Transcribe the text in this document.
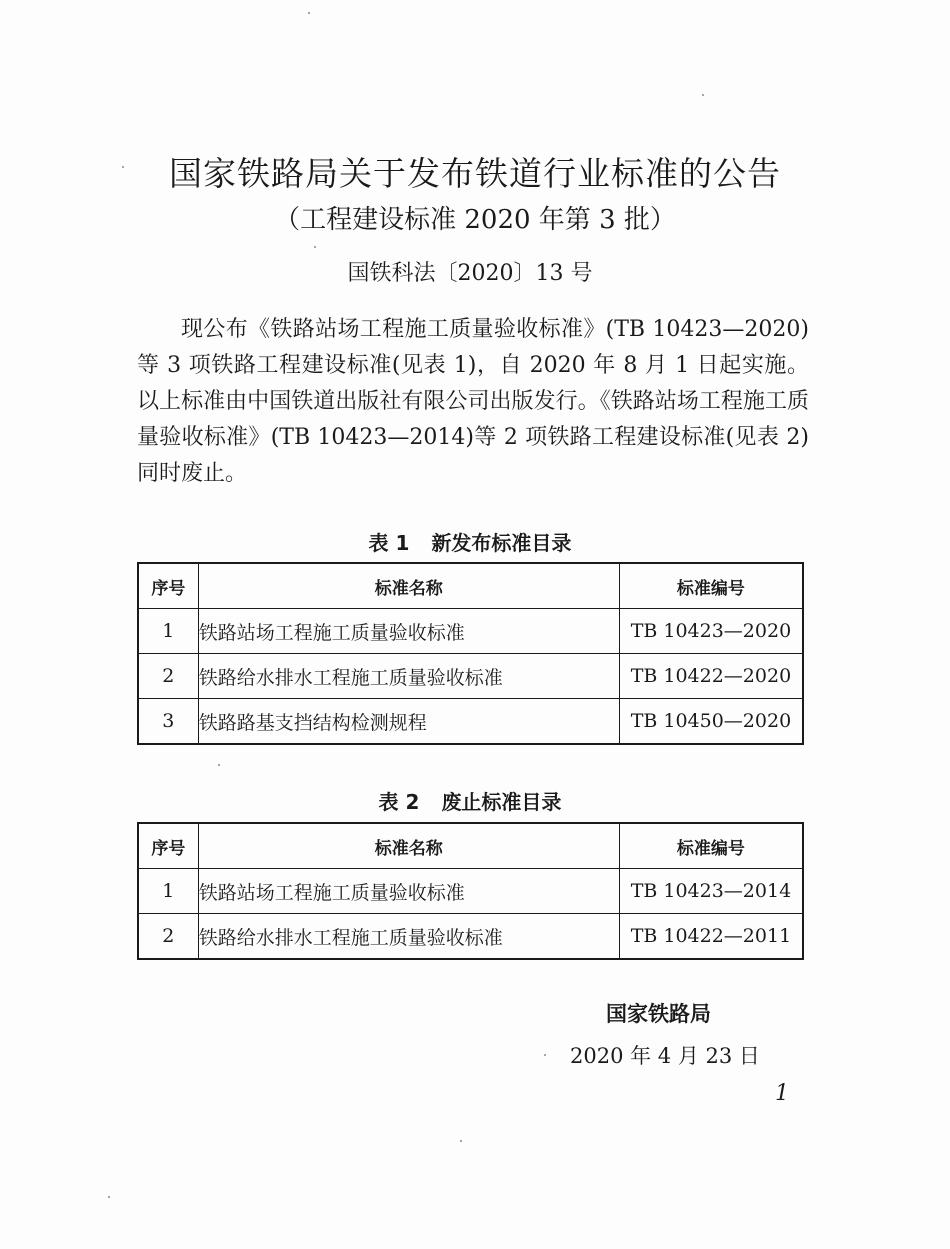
国家铁路局关于发布铁道行业标准的公告
（工程建设标准 2020 年第 3 批）
国铁科法〔2020〕13 号
现公布《铁路站场工程施工质量验收标准》(TB 10423—2020)等 3 项铁路工程建设标准(见表 1)，自 2020 年 8 月 1 日起实施。以上标准由中国铁道出版社有限公司出版发行。《铁路站场工程施工质量验收标准》(TB 10423—2014)等 2 项铁路工程建设标准(见表 2)同时废止。
表 1 新发布标准目录
序号	标准名称	标准编号
1	铁路站场工程施工质量验收标准	TB 10423—2020
2	铁路给水排水工程施工质量验收标准	TB 10422—2020
3	铁路路基支挡结构检测规程	TB 10450—2020
表 2 废止标准目录
序号	标准名称	标准编号
1	铁路站场工程施工质量验收标准	TB 10423—2014
2	铁路给水排水工程施工质量验收标准	TB 10422—2011
国家铁路局
2020 年 4 月 23 日
1
